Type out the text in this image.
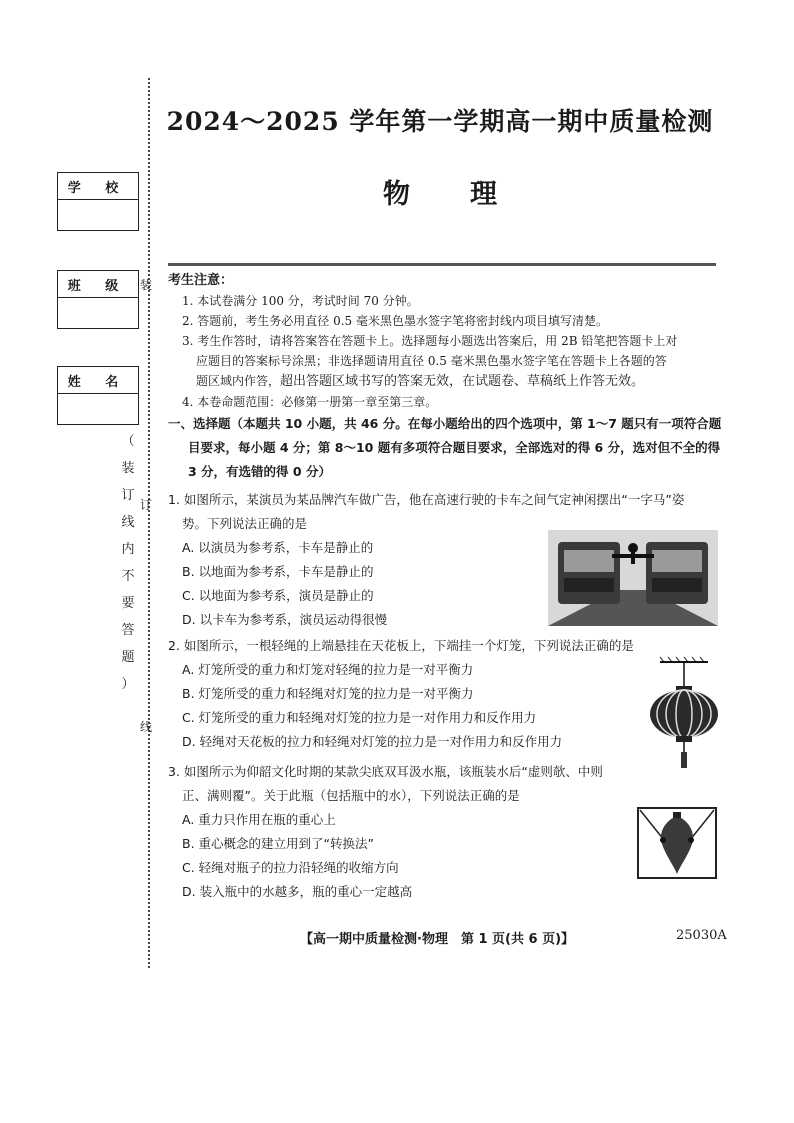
学 校
班 级
姓 名
（
装
订
线
内
不
要
答
题
）
装
订
线
2024～2025 学年第一学期高一期中质量检测
物 理
考生注意：
1. 本试卷满分 100 分，考试时间 70 分钟。
2. 答题前，考生务必用直径 0.5 毫米黑色墨水签字笔将密封线内项目填写清楚。
3. 考生作答时，请将答案答在答题卡上。选择题每小题选出答案后，用 2B 铅笔把答题卡上对
应题目的答案标号涂黑；非选择题请用直径 0.5 毫米黑色墨水签字笔在答题卡上各题的答
题区域内作答，超出答题区域书写的答案无效，在试题卷、草稿纸上作答无效。
4. 本卷命题范围：必修第一册第一章至第三章。
一、选择题（本题共 10 小题，共 46 分。在每小题给出的四个选项中，第 1～7 题只有一项符合题
目要求，每小题 4 分；第 8～10 题有多项符合题目要求，全部选对的得 6 分，选对但不全的得
3 分，有选错的得 0 分）
1. 如图所示，某演员为某品牌汽车做广告，他在高速行驶的卡车之间气定神闲摆出“一字马”姿
势。下列说法正确的是
A. 以演员为参考系，卡车是静止的
B. 以地面为参考系，卡车是静止的
C. 以地面为参考系，演员是静止的
D. 以卡车为参考系，演员运动得很慢
2. 如图所示，一根轻绳的上端悬挂在天花板上，下端挂一个灯笼，下列说法正确的是
A. 灯笼所受的重力和灯笼对轻绳的拉力是一对平衡力
B. 灯笼所受的重力和轻绳对灯笼的拉力是一对平衡力
C. 灯笼所受的重力和轻绳对灯笼的拉力是一对作用力和反作用力
D. 轻绳对天花板的拉力和轻绳对灯笼的拉力是一对作用力和反作用力
3. 如图所示为仰韶文化时期的某款尖底双耳汲水瓶，该瓶装水后“虚则欹、中则
正、满则覆”。关于此瓶（包括瓶中的水），下列说法正确的是
A. 重力只作用在瓶的重心上
B. 重心概念的建立用到了“转换法”
C. 轻绳对瓶子的拉力沿轻绳的收缩方向
D. 装入瓶中的水越多，瓶的重心一定越高
【高一期中质量检测·物理　第 1 页(共 6 页)】	25030A
